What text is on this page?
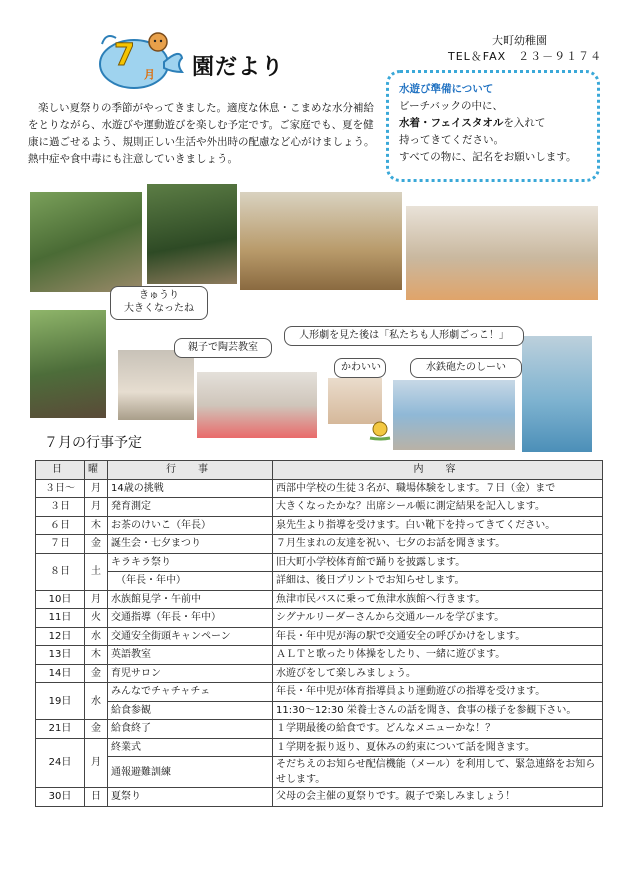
7
月 園だより
大町幼稚園
TEL＆FAX　２３－９１７４
楽しい夏祭りの季節がやってきました。適度な休息・こまめな水分補給をとりながら、水遊びや運動遊びを楽しむ予定です。ご家庭でも、夏を健康に過ごせるよう、規則正しい生活や外出時の配慮など心がけましょう。熱中症や食中毒にも注意していきましょう。
水遊び準備について
ビーチバックの中に、
水着・フェイスタオルを入れて
持ってきてください。
すべての物に、記名をお願いします。
きゅうり
大きくなったね
親子で陶芸教室
人形劇を見た後は「私たちも人形劇ごっこ！」
かわいい	水鉄砲たのしーい
７月の行事予定
日	曜	行　事	内　容
３日～	月	14歳の挑戦	西部中学校の生徒３名が、職場体験をします。７日（金）まで
３日	月	発育測定	大きくなったかな？出席シール帳に測定結果を記入します。
６日	木	お茶のけいこ（年長）	泉先生より指導を受けます。白い靴下を持ってきてください。
７日	金	誕生会・七夕まつり	７月生まれの友達を祝い、七夕のお話を聞きます。
８日	土	キラキラ祭り	旧大町小学校体育館で踊りを披露します。
		　（年長・年中）	詳細は、後日プリントでお知らせします。
10日	月	水族館見学・午前中	魚津市民バスに乗って魚津水族館へ行きます。
11日	火	交通指導（年長・年中）	シグナルリーダーさんから交通ルールを学びます。
12日	水	交通安全街頭キャンペーン	年長・年中児が海の駅で交通安全の呼びかけをします。
13日	木	英語教室	ＡＬＴと歌ったり体操をしたり、一緒に遊びます。
14日	金	育児サロン	水遊びをして楽しみましょう。
19日	水	みんなでチャチャチェ	年長・年中児が体育指導員より運動遊びの指導を受けます。
		給食参観	11:30～12:30 栄養士さんの話を聞き、食事の様子を参観下さい。
21日	金	給食終了	１学期最後の給食です。どんなメニューかな！？
24日	月	終業式	１学期を振り返り、夏休みの約束について話を聞きます。
		通報避難訓練	そだちえのお知らせ配信機能（メール）を利用して、緊急連絡をお知らせします。
30日	日	夏祭り	父母の会主催の夏祭りです。親子で楽しみましょう！
